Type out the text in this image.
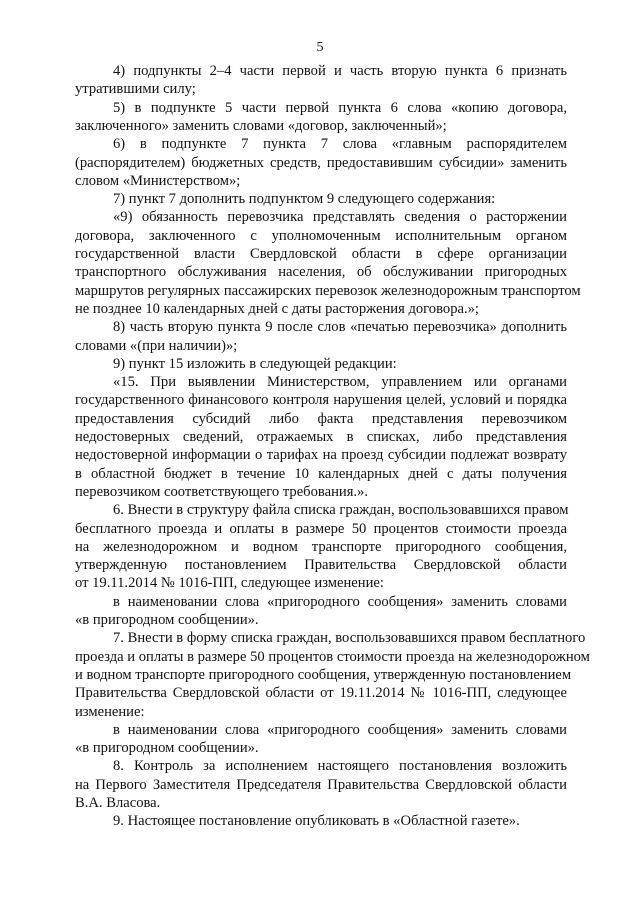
5
4) подпункты 2–4 части первой и часть вторую пункта 6 признать
утратившими силу;
5) в подпункте 5 части первой пункта 6 слова «копию договора,
заключенного» заменить словами «договор, заключенный»;
6) в подпункте 7 пункта 7 слова «главным распорядителем
(распорядителем) бюджетных средств, предоставившим субсидии» заменить
словом «Министерством»;
7) пункт 7 дополнить подпунктом 9 следующего содержания:
«9) обязанность перевозчика представлять сведения о расторжении
договора, заключенного с уполномоченным исполнительным органом
государственной власти Свердловской области в сфере организации
транспортного обслуживания населения, об обслуживании пригородных
маршрутов регулярных пассажирских перевозок железнодорожным транспортом
не позднее 10 календарных дней с даты расторжения договора.»;
8) часть вторую пункта 9 после слов «печатью перевозчика» дополнить
словами «(при наличии)»;
9) пункт 15 изложить в следующей редакции:
«15. При выявлении Министерством, управлением или органами
государственного финансового контроля нарушения целей, условий и порядка
предоставления субсидий либо факта представления перевозчиком
недостоверных сведений, отражаемых в списках, либо представления
недостоверной информации о тарифах на проезд субсидии подлежат возврату
в областной бюджет в течение 10 календарных дней с даты получения
перевозчиком соответствующего требования.».
6. Внести в структуру файла списка граждан, воспользовавшихся правом
бесплатного проезда и оплаты в размере 50 процентов стоимости проезда
на железнодорожном и водном транспорте пригородного сообщения,
утвержденную постановлением Правительства Свердловской области
от 19.11.2014 № 1016-ПП, следующее изменение:
в наименовании слова «пригородного сообщения» заменить словами
«в пригородном сообщении».
7. Внести в форму списка граждан, воспользовавшихся правом бесплатного
проезда и оплаты в размере 50 процентов стоимости проезда на железнодорожном
и водном транспорте пригородного сообщения, утвержденную постановлением
Правительства Свердловской области от 19.11.2014 № 1016-ПП, следующее
изменение:
в наименовании слова «пригородного сообщения» заменить словами
«в пригородном сообщении».
8. Контроль за исполнением настоящего постановления возложить
на Первого Заместителя Председателя Правительства Свердловской области
В.А. Власова.
9. Настоящее постановление опубликовать в «Областной газете».
